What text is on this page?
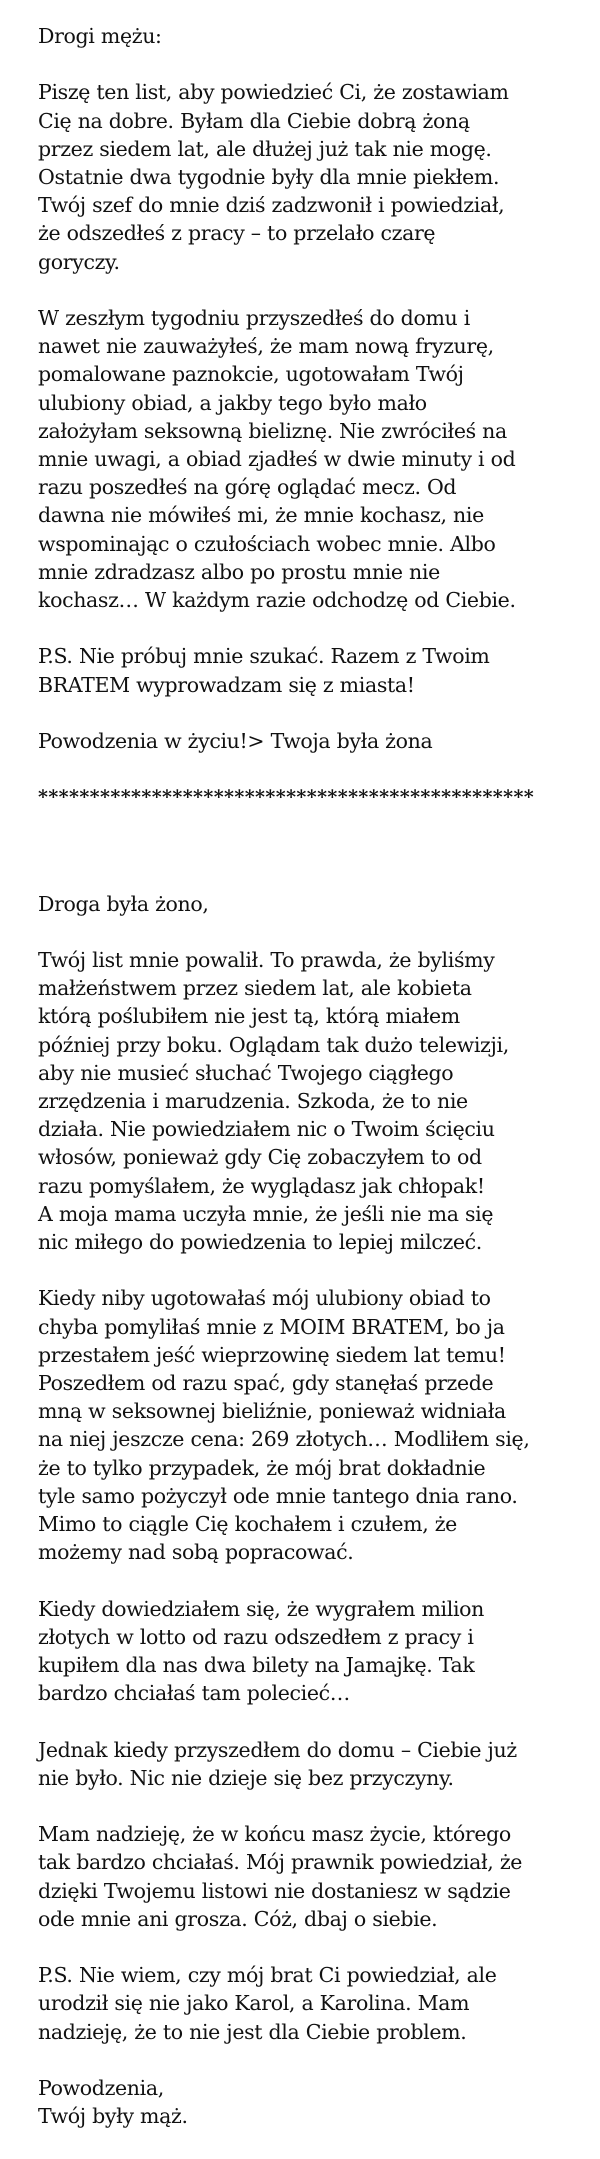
Drogi mężu:

Piszę ten list, aby powiedzieć Ci, że zostawiam
Cię na dobre. Byłam dla Ciebie dobrą żoną
przez siedem lat, ale dłużej już tak nie mogę.
Ostatnie dwa tygodnie były dla mnie piekłem.
Twój szef do mnie dziś zadzwonił i powiedział,
że odszedłeś z pracy – to przelało czarę
goryczy.

W zeszłym tygodniu przyszedłeś do domu i
nawet nie zauważyłeś, że mam nową fryzurę,
pomalowane paznokcie, ugotowałam Twój
ulubiony obiad, a jakby tego było mało
założyłam seksowną bieliznę. Nie zwróciłeś na
mnie uwagi, a obiad zjadłeś w dwie minuty i od
razu poszedłeś na górę oglądać mecz. Od
dawna nie mówiłeś mi, że mnie kochasz, nie
wspominając o czułościach wobec mnie. Albo
mnie zdradzasz albo po prostu mnie nie
kochasz… W każdym razie odchodzę od Ciebie.

P.S. Nie próbuj mnie szukać. Razem z Twoim
BRATEM wyprowadzam się z miasta!

Powodzenia w życiu!> Twoja była żona

************************************************

Droga była żono,

Twój list mnie powalił. To prawda, że byliśmy
małżeństwem przez siedem lat, ale kobieta
którą poślubiłem nie jest tą, którą miałem
później przy boku. Oglądam tak dużo telewizji,
aby nie musieć słuchać Twojego ciągłego
zrzędzenia i marudzenia. Szkoda, że to nie
działa. Nie powiedziałem nic o Twoim ścięciu
włosów, ponieważ gdy Cię zobaczyłem to od
razu pomyślałem, że wyglądasz jak chłopak!
A moja mama uczyła mnie, że jeśli nie ma się
nic miłego do powiedzenia to lepiej milczeć.

Kiedy niby ugotowałaś mój ulubiony obiad to
chyba pomyliłaś mnie z MOIM BRATEM, bo ja
przestałem jeść wieprzowinę siedem lat temu!
Poszedłem od razu spać, gdy stanęłaś przede
mną w seksownej bieliźnie, ponieważ widniała
na niej jeszcze cena: 269 złotych… Modliłem się,
że to tylko przypadek, że mój brat dokładnie
tyle samo pożyczył ode mnie tantego dnia rano.
Mimo to ciągle Cię kochałem i czułem, że
możemy nad sobą popracować.

Kiedy dowiedziałem się, że wygrałem milion
złotych w lotto od razu odszedłem z pracy i
kupiłem dla nas dwa bilety na Jamajkę. Tak
bardzo chciałaś tam polecieć…

Jednak kiedy przyszedłem do domu – Ciebie już
nie było. Nic nie dzieje się bez przyczyny.

Mam nadzieję, że w końcu masz życie, którego
tak bardzo chciałaś. Mój prawnik powiedział, że
dzięki Twojemu listowi nie dostaniesz w sądzie
ode mnie ani grosza. Cóż, dbaj o siebie.

P.S. Nie wiem, czy mój brat Ci powiedział, ale
urodził się nie jako Karol, a Karolina. Mam
nadzieję, że to nie jest dla Ciebie problem.

Powodzenia,
Twój były mąż.
